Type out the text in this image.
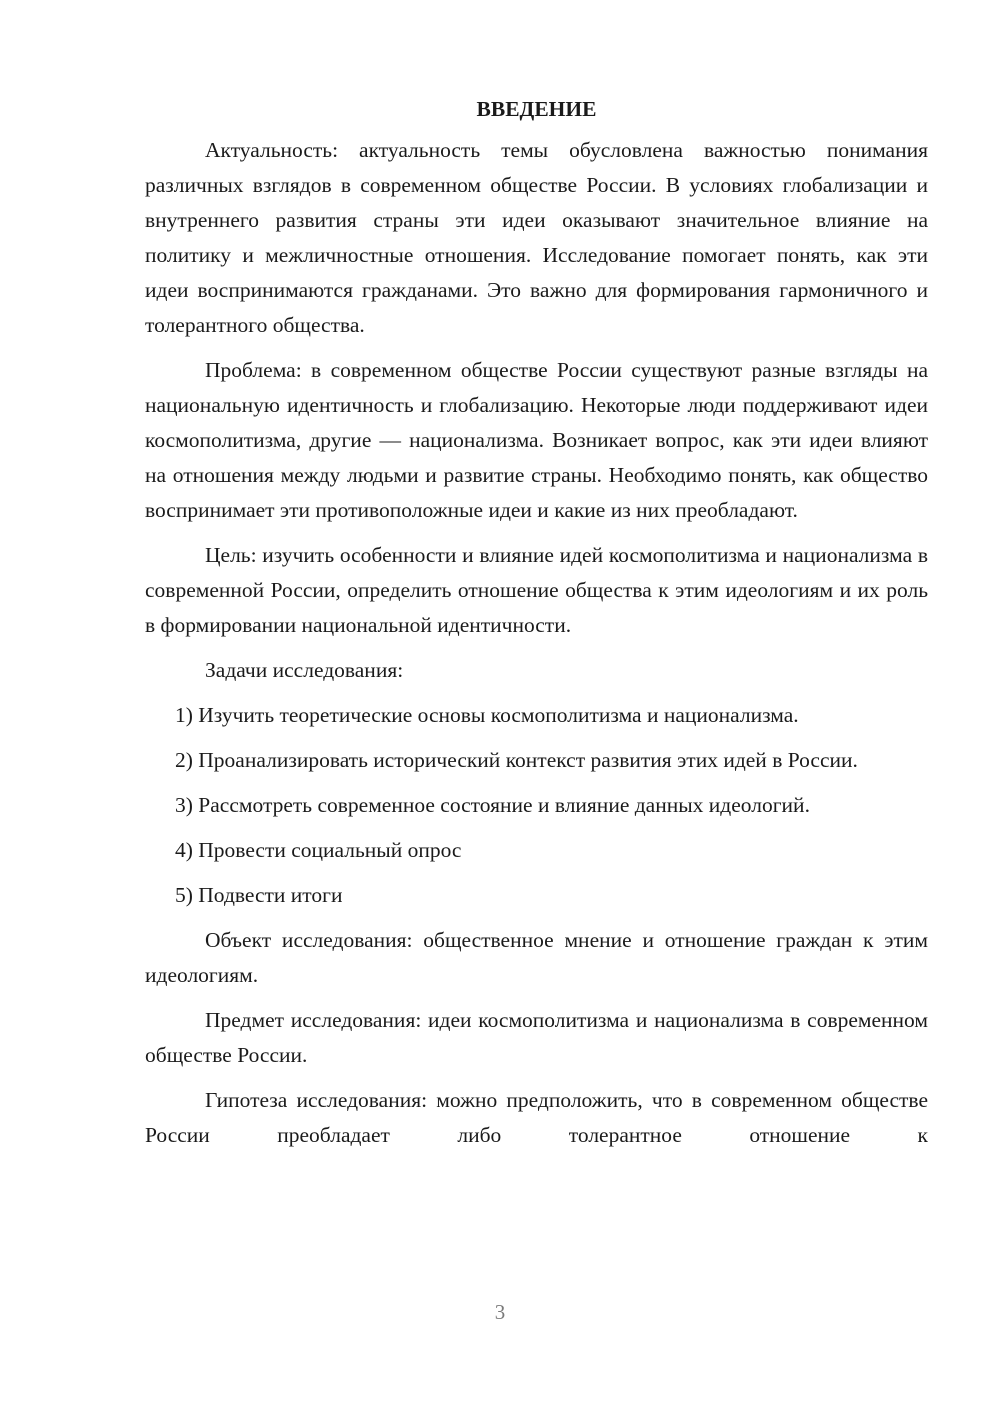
ВВЕДЕНИЕ

Актуальность: актуальность темы обусловлена важностью понимания различных взглядов в современном обществе России. В условиях глобализации и внутреннего развития страны эти идеи оказывают значительное влияние на политику и межличностные отношения. Исследование помогает понять, как эти идеи воспринимаются гражданами. Это важно для формирования гармоничного и толерантного общества.

Проблема: в современном обществе России существуют разные взгляды на национальную идентичность и глобализацию. Некоторые люди поддерживают идеи космополитизма, другие — национализма. Возникает вопрос, как эти идеи влияют на отношения между людьми и развитие страны. Необходимо понять, как общество воспринимает эти противоположные идеи и какие из них преобладают.

Цель: изучить особенности и влияние идей космополитизма и национализма в современной России, определить отношение общества к этим идеологиям и их роль в формировании национальной идентичности.

Задачи исследования:

1) Изучить теоретические основы космополитизма и национализма.

2) Проанализировать исторический контекст развития этих идей в России.

3) Рассмотреть современное состояние и влияние данных идеологий.

4) Провести социальный опрос

5) Подвести итоги

Объект исследования: общественное мнение и отношение граждан к этим идеологиям.

Предмет исследования: идеи космополитизма и национализма в современном обществе России.

Гипотеза исследования: можно предположить, что в современном обществе России преобладает либо толерантное отношение к

3
